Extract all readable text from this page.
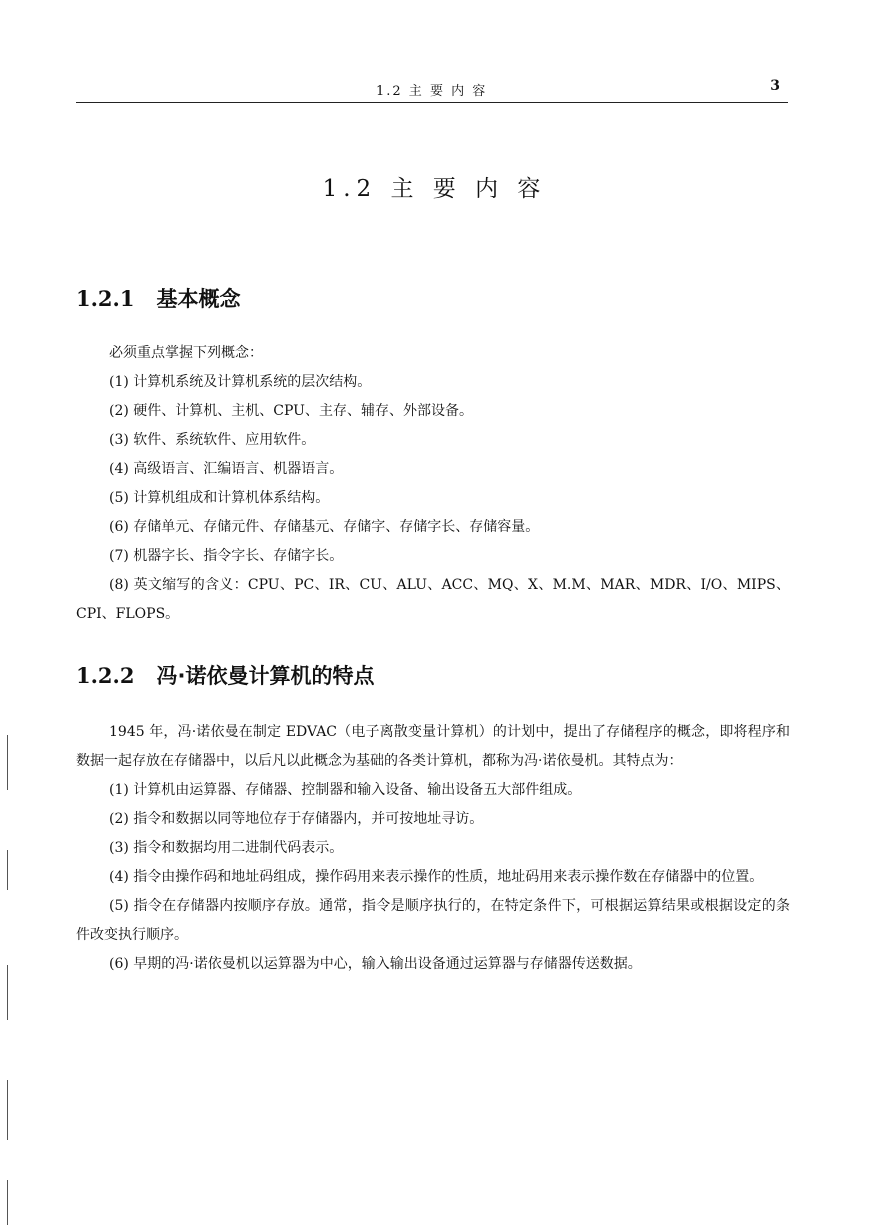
1.2 主 要 内 容	3
1.2 主 要 内 容
1.2.1 基本概念

必须重点掌握下列概念：

(1) 计算机系统及计算机系统的层次结构。

(2) 硬件、计算机、主机、CPU、主存、辅存、外部设备。

(3) 软件、系统软件、应用软件。

(4) 高级语言、汇编语言、机器语言。

(5) 计算机组成和计算机体系结构。

(6) 存储单元、存储元件、存储基元、存储字、存储字长、存储容量。

(7) 机器字长、指令字长、存储字长。

(8) 英文缩写的含义：CPU、PC、IR、CU、ALU、ACC、MQ、X、M.M、MAR、MDR、I/O、MIPS、CPI、FLOPS。

1.2.2 冯·诺依曼计算机的特点

1945 年，冯·诺依曼在制定 EDVAC（电子离散变量计算机）的计划中，提出了存储程序的概念，即将程序和数据一起存放在存储器中，以后凡以此概念为基础的各类计算机，都称为冯·诺依曼机。其特点为：

(1) 计算机由运算器、存储器、控制器和输入设备、输出设备五大部件组成。

(2) 指令和数据以同等地位存于存储器内，并可按地址寻访。

(3) 指令和数据均用二进制代码表示。

(4) 指令由操作码和地址码组成，操作码用来表示操作的性质，地址码用来表示操作数在存储器中的位置。

(5) 指令在存储器内按顺序存放。通常，指令是顺序执行的，在特定条件下，可根据运算结果或根据设定的条件改变执行顺序。

(6) 早期的冯·诺依曼机以运算器为中心，输入输出设备通过运算器与存储器传送数据。
